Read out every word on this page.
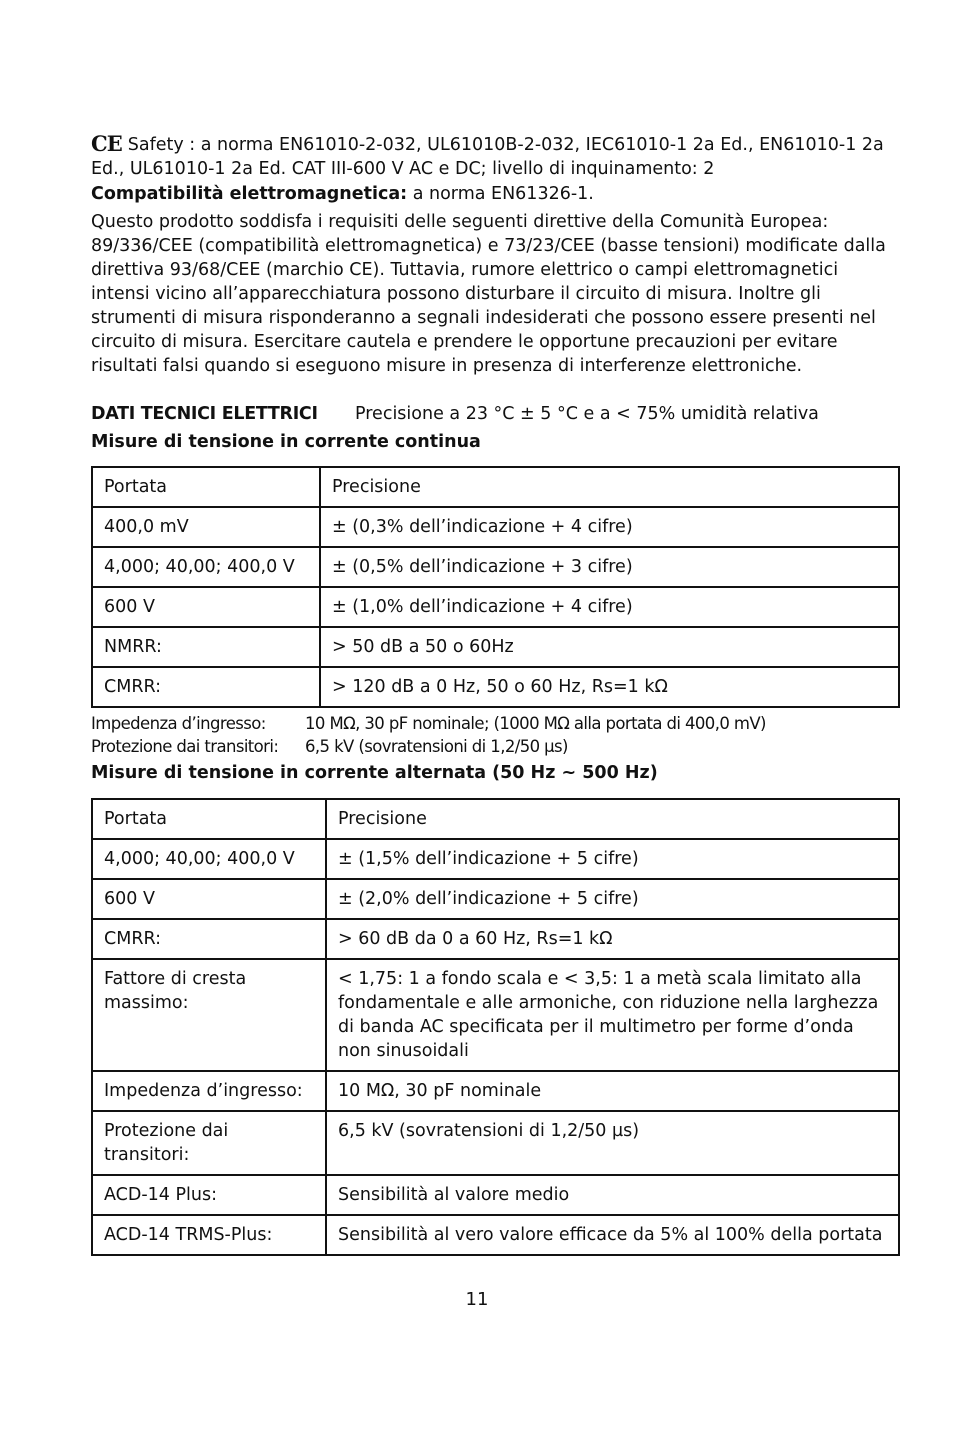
CE Safety : a norma EN61010-2-032, UL61010B-2-032, IEC61010-1 2a Ed., EN61010-1 2a Ed., UL61010-1 2a Ed. CAT III-600 V AC e DC; livello di inquinamento: 2

Compatibilità elettromagnetica: a norma EN61326-1.

Questo prodotto soddisfa i requisiti delle seguenti direttive della Comunità Europea: 89/336/CEE (compatibilità elettromagnetica) e 73/23/CEE (basse tensioni) modificate dalla direttiva 93/68/CEE (marchio CE). Tuttavia, rumore elettrico o campi elettromagnetici intensi vicino all’apparecchiatura possono disturbare il circuito di misura. Inoltre gli strumenti di misura risponderanno a segnali indesiderati che possono essere presenti nel circuito di misura. Esercitare cautela e prendere le opportune precauzioni per evitare risultati falsi quando si eseguono misure in presenza di interferenze elettroniche.

DATI TECNICI ELETTRICI	Precisione a 23 °C ± 5 °C e a < 75% umidità relativa
Misure di tensione in corrente continua
Portata	Precisione
400,0 mV	± (0,3% dell’indicazione + 4 cifre)
4,000; 40,00; 400,0 V	± (0,5% dell’indicazione + 3 cifre)
600 V	± (1,0% dell’indicazione + 4 cifre)
NMRR:	> 50 dB a 50 o 60Hz
CMRR:	> 120 dB a 0 Hz, 50 o 60 Hz, Rs=1 kΩ
Impedenza d’ingresso:	10 MΩ, 30 pF nominale; (1000 MΩ alla portata di 400,0 mV)
Protezione dai transitori:	6,5 kV (sovratensioni di 1,2/50 µs)
Misure di tensione in corrente alternata (50 Hz ~ 500 Hz)
Portata	Precisione
4,000; 40,00; 400,0 V	± (1,5% dell’indicazione + 5 cifre)
600 V	± (2,0% dell’indicazione + 5 cifre)
CMRR:	> 60 dB da 0 a 60 Hz, Rs=1 kΩ
Fattore di cresta massimo:	< 1,75: 1 a fondo scala e < 3,5: 1 a metà scala limitato alla fondamentale e alle armoniche, con riduzione nella larghezza di banda AC specificata per il multimetro per forme d’onda non sinusoidali
Impedenza d’ingresso:	10 MΩ, 30 pF nominale
Protezione dai transitori:	6,5 kV (sovratensioni di 1,2/50 µs)
ACD-14 Plus:	Sensibilità al valore medio
ACD-14 TRMS-Plus:	Sensibilità al vero valore efficace da 5% al 100% della portata
11
